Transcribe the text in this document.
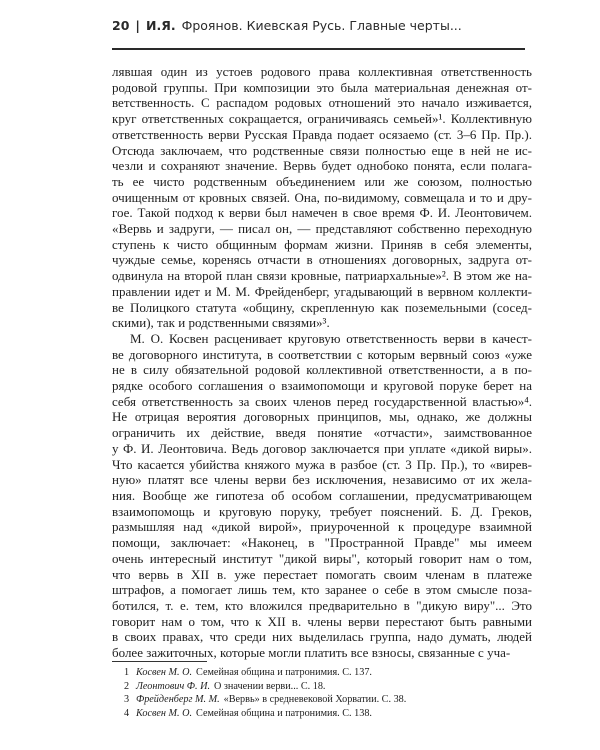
20 | И.Я. Фроянов. Киевская Русь. Главные черты...
лявшая один из устоев родового права коллективная ответственность
родовой группы. При композиции это была материальная денежная от-
ветственность. С распадом родовых отношений это начало изживается,
круг ответственных сокращается, ограничиваясь семьей»¹. Коллективную
ответственность верви Русская Правда подает осязаемо (ст. 3–6 Пр. Пр.).
Отсюда заключаем, что родственные связи полностью еще в ней не ис-
чезли и сохраняют значение. Вервь будет однобоко понята, если полага-
ть ее чисто родственным объединением или же союзом, полностью
очищенным от кровных связей. Она, по-видимому, совмещала и то и дру-
гое. Такой подход к верви был намечен в свое время Ф. И. Леонтовичем.
«Вервь и задруги, — писал он, — представляют собственно переходную
ступень к чисто общинным формам жизни. Приняв в себя элементы,
чуждые семье, коренясь отчасти в отношениях договорных, задруга от-
одвинула на второй план связи кровные, патриархальные»². В этом же на-
правлении идет и М. М. Фрейденберг, угадывающий в вервном коллекти-
ве Полицкого статута «общину, скрепленную как поземельными (сосед-
скими), так и родственными связями»³.
М. О. Косвен расценивает круговую ответственность верви в качест-
ве договорного института, в соответствии с которым вервный союз «уже
не в силу обязательной родовой коллективной ответственности, а в по-
рядке особого соглашения о взаимопомощи и круговой поруке берет на
себя ответственность за своих членов перед государственной властью»⁴.
Не отрицая вероятия договорных принципов, мы, однако, же должны
ограничить их действие, введя понятие «отчасти», заимствованное
у Ф. И. Леонтовича. Ведь договор заключается при уплате «дикой виры».
Что касается убийства княжого мужа в разбое (ст. 3 Пр. Пр.), то «вирев-
ную» платят все члены верви без исключения, независимо от их жела-
ния. Вообще же гипотеза об особом соглашении, предусматривающем
взаимопомощь и круговую поруку, требует пояснений. Б. Д. Греков,
размышляя над «дикой вирой», приуроченной к процедуре взаимной
помощи, заключает: «Наконец, в "Пространной Правде" мы имеем
очень интересный институт "дикой виры", который говорит нам о том,
что вервь в XII в. уже перестает помогать своим членам в платеже
штрафов, а помогает лишь тем, кто заранее о себе в этом смысле поза-
ботился, т. е. тем, кто вложился предварительно в "дикую виру"... Это
говорит нам о том, что к XII в. члены верви перестают быть равными
в своих правах, что среди них выделилась группа, надо думать, людей
более зажиточных, которые могли платить все взносы, связанные с уча-
1 Косвен М. О. Семейная община и патронимия. С. 137.
2 Леонтович Ф. И. О значении верви... С. 18.
3 Фрейденберг М. М. «Вервь» в средневековой Хорватии. С. 38.
4 Косвен М. О. Семейная община и патронимия. С. 138.
